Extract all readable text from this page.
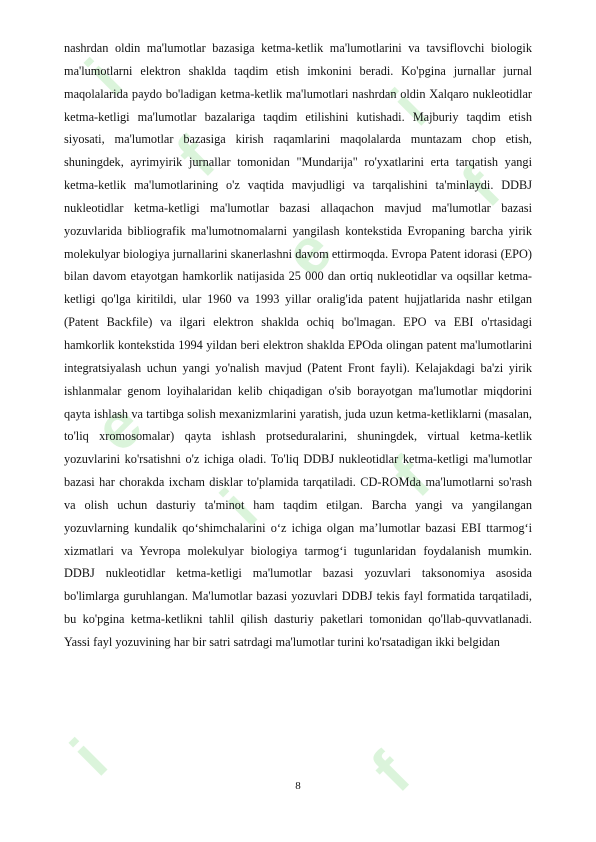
i
f
e
i
f
e
i f
i	f

nashrdan oldin ma'lumotlar bazasiga ketma-ketlik ma'lumotlarini va tavsiflovchi biologik ma'lumotlarni elektron shaklda taqdim etish imkonini beradi. Ko'pgina jurnallar jurnal maqolalarida paydo bo'ladigan ketma-ketlik ma'lumotlari nashrdan oldin Xalqaro nukleotidlar ketma-ketligi ma'lumotlar bazalariga taqdim etilishini kutishadi. Majburiy taqdim etish siyosati, ma'lumotlar bazasiga kirish raqamlarini maqolalarda muntazam chop etish, shuningdek, ayrimyirik jurnallar tomonidan "Mundarija" ro'yxatlarini erta tarqatish yangi ketma-ketlik ma'lumotlarining o'z vaqtida mavjudligi va tarqalishini ta'minlaydi. DDBJ nukleotidlar ketma-ketligi ma'lumotlar bazasi allaqachon mavjud ma'lumotlar bazasi yozuvlarida bibliografik ma'lumotnomalarni yangilash kontekstida Evropaning barcha yirik molekulyar biologiya jurnallarini skanerlashni davom ettirmoqda. Evropa Patent idorasi (EPO) bilan davom etayotgan hamkorlik natijasida 25 000 dan ortiq nukleotidlar va oqsillar ketma-ketligi qo'lga kiritildi, ular 1960 va 1993 yillar oralig'ida patent hujjatlarida nashr etilgan (Patent Backfile) va ilgari elektron shaklda ochiq bo'lmagan. EPO va EBI o'rtasidagi hamkorlik kontekstida 1994 yildan beri elektron shaklda EPOda olingan patent ma'lumotlarini integratsiyalash uchun yangi yo'nalish mavjud (Patent Front fayli). Kelajakdagi ba'zi yirik ishlanmalar genom loyihalaridan kelib chiqadigan o'sib borayotgan ma'lumotlar miqdorini qayta ishlash va tartibga solish mexanizmlarini yaratish, juda uzun ketma-ketliklarni (masalan, to'liq xromosomalar) qayta ishlash protseduralarini, shuningdek, virtual ketma-ketlik yozuvlarini ko'rsatishni o'z ichiga oladi. To'liq DDBJ nukleotidlar ketma-ketligi ma'lumotlar bazasi har chorakda ixcham disklar to'plamida tarqatiladi. CD-ROMda ma'lumotlarni so'rash va olish uchun dasturiy ta'minot ham taqdim etilgan. Barcha yangi va yangilangan yozuvlarning kundalik qo‘shimchalarini o‘z ichiga olgan ma’lumotlar bazasi EBI ttarmog‘i xizmatlari va Yevropa molekulyar biologiya tarmog‘i tugunlaridan foydalanish mumkin. DDBJ nukleotidlar ketma-ketligi ma'lumotlar bazasi yozuvlari taksonomiya asosida bo'limlarga guruhlangan. Ma'lumotlar bazasi yozuvlari DDBJ tekis fayl formatida tarqatiladi, bu ko'pgina ketma-ketlikni tahlil qilish dasturiy paketlari tomonidan qo'llab-quvvatlanadi. Yassi fayl yozuvining har bir satri satrdagi ma'lumotlar turini ko'rsatadigan ikki belgidan

8
